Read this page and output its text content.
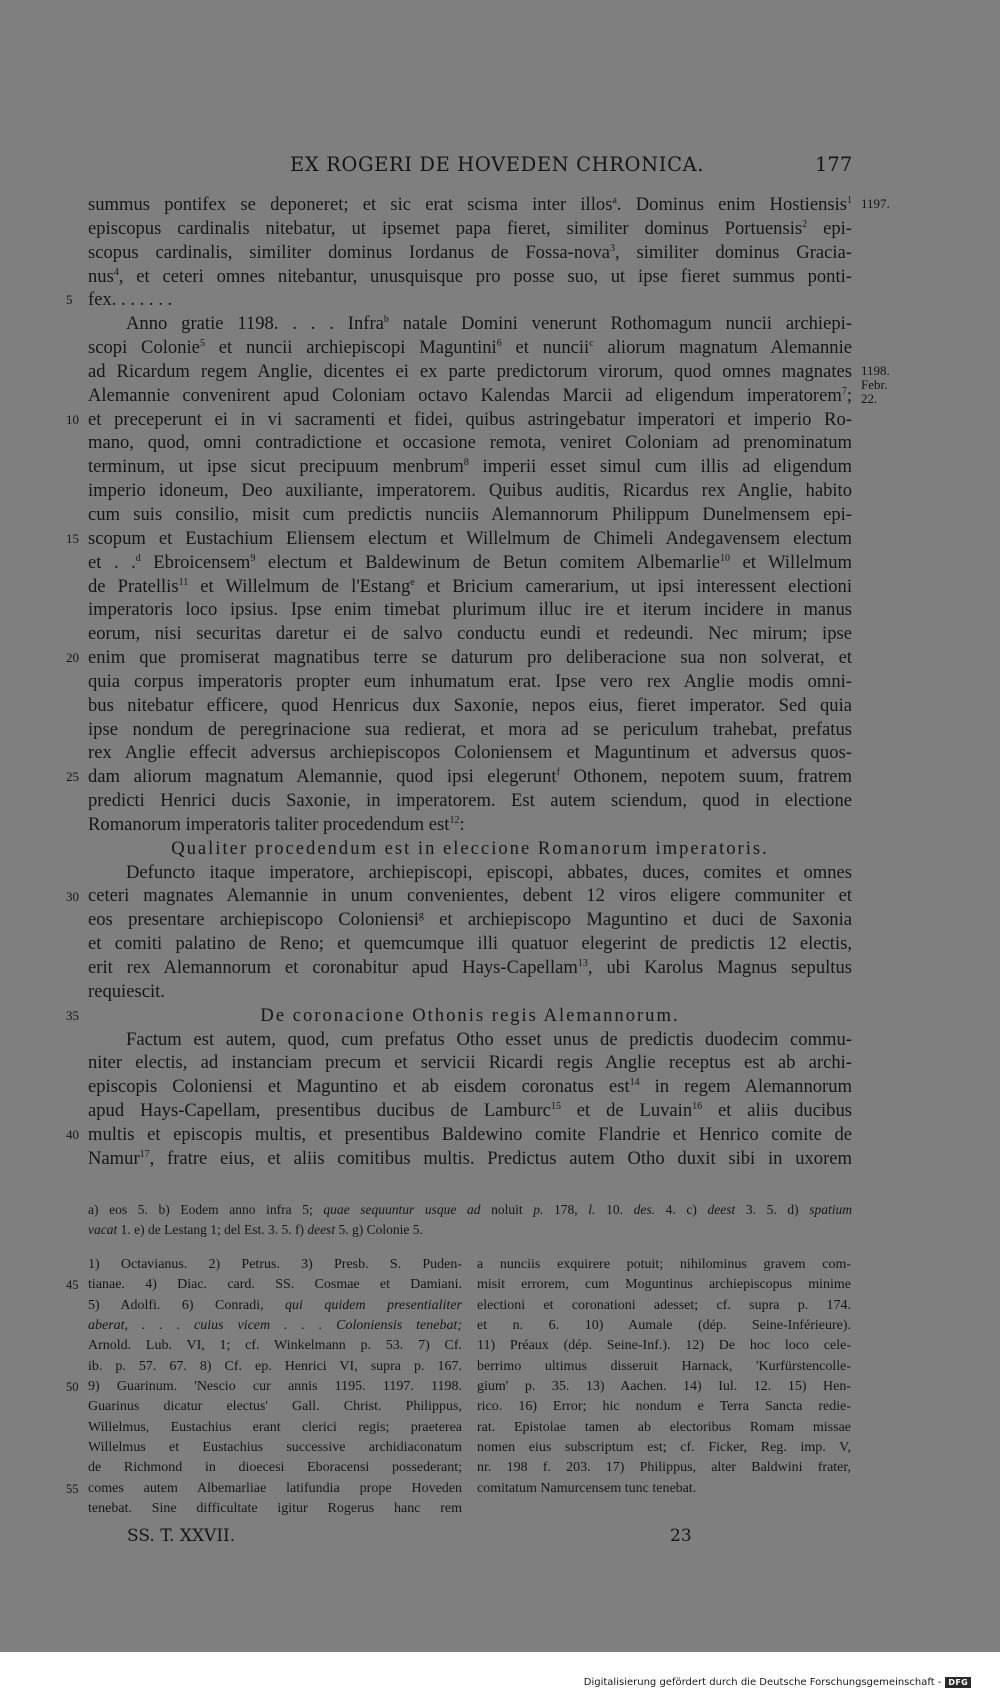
EX ROGERI DE HOVEDEN CHRONICA.	177
summus pontifex se deponeret; et sic erat scisma inter illos$^a$. Dominus enim Hostiensis$^1$
episcopus cardinalis nitebatur, ut ipsemet papa fieret, similiter dominus Portuensis$^2$ epi-
scopus cardinalis, similiter dominus Iordanus de Fossa-nova$^3$, similiter dominus Gracia-
nus$^4$, et ceteri omnes nitebantur, unusquisque pro posse suo, ut ipse fieret summus ponti-
fex. . . . . . .
Anno gratie 1198. . . . Infra$^b$ natale Domini venerunt Rothomagum nuncii archiepi-
scopi Colonie$^5$ et nuncii archiepiscopi Maguntini$^6$ et nuncii$^c$ aliorum magnatum Alemannie
ad Ricardum regem Anglie, dicentes ei ex parte predictorum virorum, quod omnes magnates
Alemannie convenirent apud Coloniam octavo Kalendas Marcii ad eligendum imperatorem$^7$;
et preceperunt ei in vi sacramenti et fidei, quibus astringebatur imperatori et imperio Ro-
mano, quod, omni contradictione et occasione remota, veniret Coloniam ad prenominatum
terminum, ut ipse sicut precipuum menbrum$^8$ imperii esset simul cum illis ad eligendum
imperio idoneum, Deo auxiliante, imperatorem. Quibus auditis, Ricardus rex Anglie, habito
cum suis consilio, misit cum predictis nunciis Alemannorum Philippum Dunelmensem epi-
scopum et Eustachium Eliensem electum et Willelmum de Chimeli Andegavensem electum
et . .$^d$ Ebroicensem$^9$ electum et Baldewinum de Betun comitem Albemarlie$^{10}$ et Willelmum
de Pratellis$^{11}$ et Willelmum de l'Estang$^e$ et Bricium camerarium, ut ipsi interessent electioni
imperatoris loco ipsius. Ipse enim timebat plurimum illuc ire et iterum incidere in manus
eorum, nisi securitas daretur ei de salvo conductu eundi et redeundi. Nec mirum; ipse
enim que promiserat magnatibus terre se daturum pro deliberacione sua non solverat, et
quia corpus imperatoris propter eum inhumatum erat. Ipse vero rex Anglie modis omni-
bus nitebatur efficere, quod Henricus dux Saxonie, nepos eius, fieret imperator. Sed quia
ipse nondum de peregrinacione sua redierat, et mora ad se periculum trahebat, prefatus
rex Anglie effecit adversus archiepiscopos Coloniensem et Maguntinum et adversus quos-
dam aliorum magnatum Alemannie, quod ipsi elegerunt$^f$ Othonem, nepotem suum, fratrem
predicti Henrici ducis Saxonie, in imperatorem. Est autem sciendum, quod in electione
Romanorum imperatoris taliter procedendum est$^{12}$:
Qualiter procedendum est in eleccione Romanorum imperatoris.
Defuncto itaque imperatore, archiepiscopi, episcopi, abbates, duces, comites et omnes
ceteri magnates Alemannie in unum convenientes, debent 12 viros eligere communiter et
eos presentare archiepiscopo Coloniensi$^g$ et archiepiscopo Maguntino et duci de Saxonia
et comiti palatino de Reno; et quemcumque illi quatuor elegerint de predictis 12 electis,
erit rex Alemannorum et coronabitur apud Hays-Capellam$^{13}$, ubi Karolus Magnus sepultus
requiescit.
De coronacione Othonis regis Alemannorum.
Factum est autem, quod, cum prefatus Otho esset unus de predictis duodecim commu-
niter electis, ad instanciam precum et servicii Ricardi regis Anglie receptus est ab archi-
episcopis Coloniensi et Maguntino et ab eisdem coronatus est$^{14}$ in regem Alemannorum
apud Hays-Capellam, presentibus ducibus de Lamburc$^{15}$ et de Luvain$^{16}$ et aliis ducibus
multis et episcopis multis, et presentibus Baldewino comite Flandrie et Henrico comite de
Namur$^{17}$, fratre eius, et aliis comitibus multis. Predictus autem Otho duxit sibi in uxorem
5
10
15
20
25
30
35
40
1197.
1198. Febr. 22.
a) eos 5. b) Eodem anno infra 5; quae sequuntur usque ad noluit p. 178, l. 10. des. 4. c) deest 3. 5. d) spatium
vacat 1. e) de Lestang 1; del Est. 3. 5. f) deest 5. g) Colonie 5.
1) Octavianus. 2) Petrus. 3) Presb. S. Puden-
tianae. 4) Diac. card. SS. Cosmae et Damiani.
5) Adolfi. 6) Conradi, qui quidem presentialiter
aberat, . . . cuius vicem . . . Coloniensis tenebat;
Arnold. Lub. VI, 1; cf. Winkelmann p. 53. 7) Cf.
ib. p. 57. 67. 8) Cf. ep. Henrici VI, supra p. 167.
9) Guarinum. 'Nescio cur annis 1195. 1197. 1198.
Guarinus dicatur electus' Gall. Christ. Philippus,
Willelmus, Eustachius erant clerici regis; praeterea
Willelmus et Eustachius successive archidiaconatum
de Richmond in dioecesi Eboracensi possederant;
comes autem Albemarliae latifundia prope Hoveden
tenebat. Sine difficultate igitur Rogerus hanc rem
a nunciis exquirere potuit; nihilominus gravem com-
misit errorem, cum Moguntinus archiepiscopus minime
electioni et coronationi adesset; cf. supra p. 174.
et n. 6. 10) Aumale (dép. Seine-Inférieure).
11) Préaux (dép. Seine-Inf.). 12) De hoc loco cele-
berrimo ultimus disseruit Harnack, 'Kurfürstencolle-
gium' p. 35. 13) Aachen. 14) Iul. 12. 15) Hen-
rico. 16) Error; hic nondum e Terra Sancta redie-
rat. Epistolae tamen ab electoribus Romam missae
nomen eius subscriptum est; cf. Ficker, Reg. imp. V,
nr. 198 f. 203. 17) Philippus, alter Baldwini frater,
comitatum Namurcensem tunc tenebat.
45
50
55
SS. T. XXVII.	23
Digitalisierung gefördert durch die Deutsche Forschungsgemeinschaft - DFG
